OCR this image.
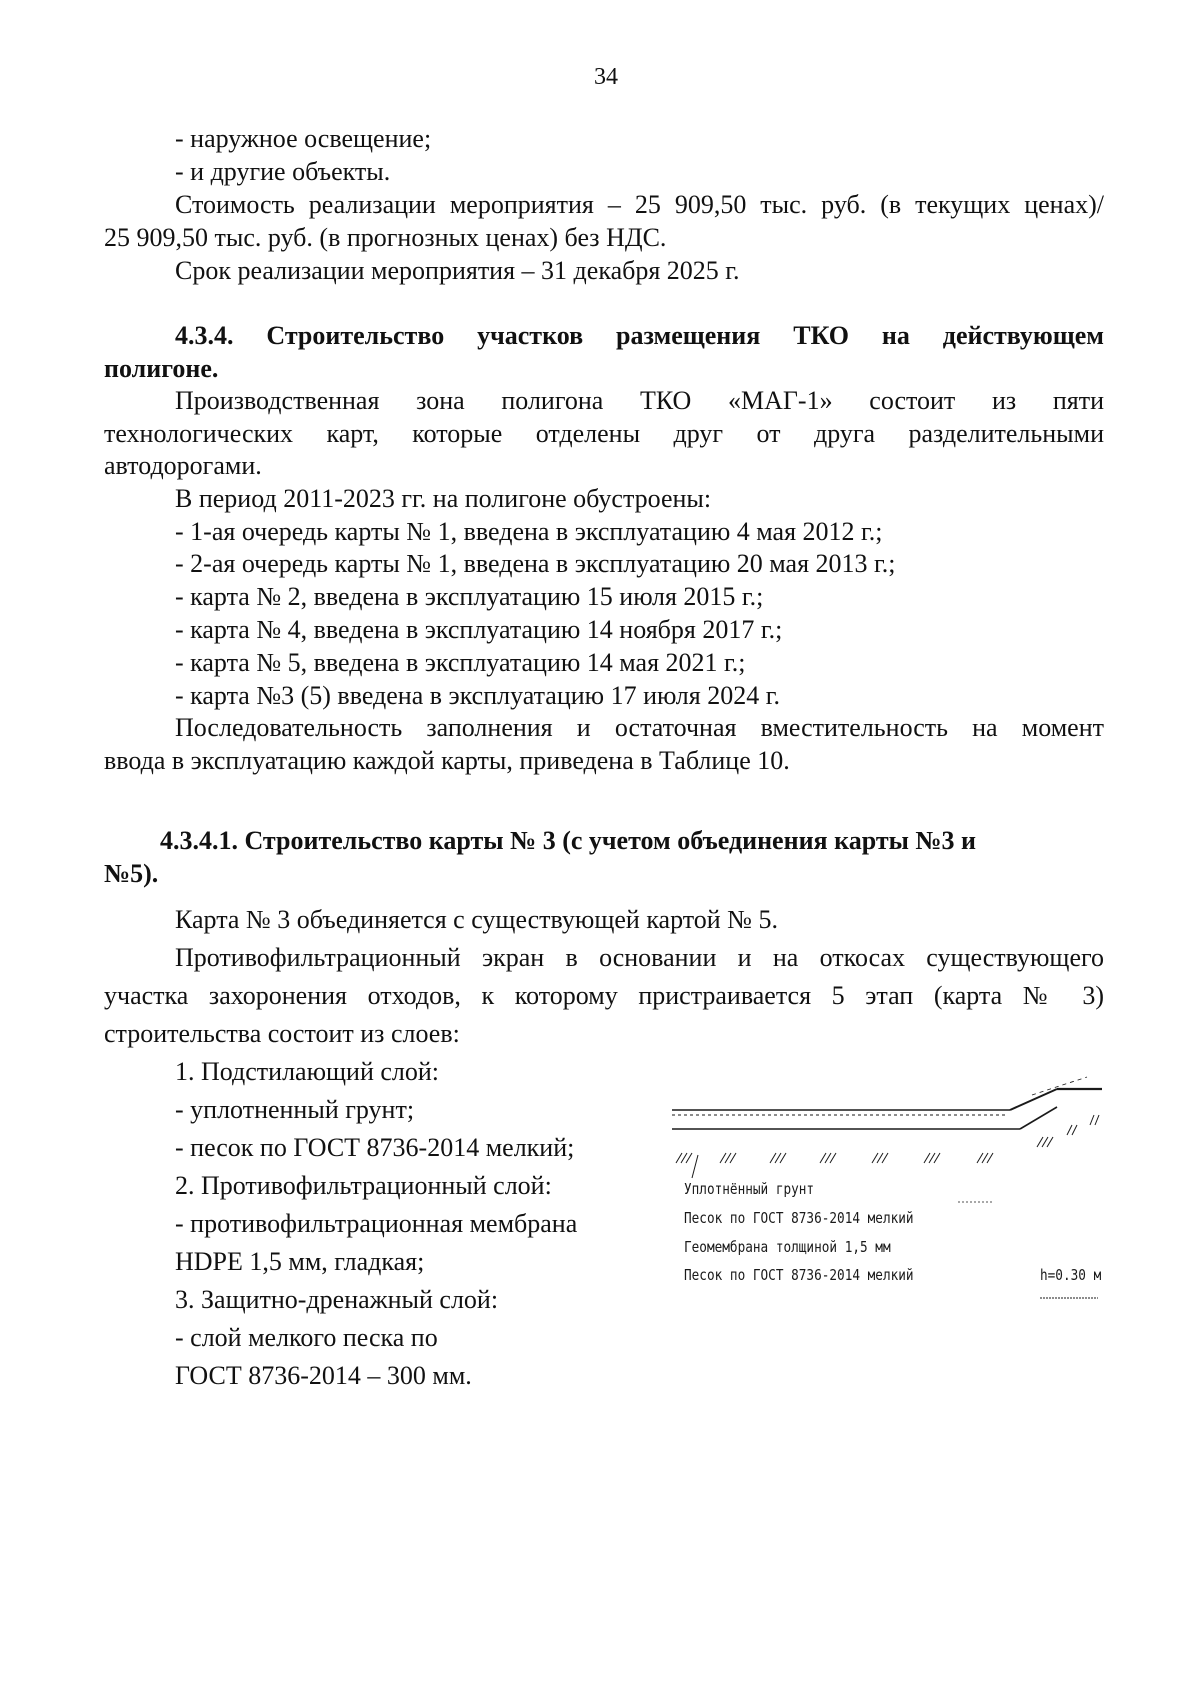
34
- наружное освещение;
- и другие объекты.
Стоимость реализации мероприятия – 25 909,50 тыс. руб. (в текущих ценах)/
25 909,50 тыс. руб. (в прогнозных ценах) без НДС.
Срок реализации мероприятия – 31 декабря 2025 г.
4.3.4. Строительство участков размещения ТКО на действующем
полигоне.
Производственная зона полигона ТКО «МАГ-1» состоит из пяти
технологических карт, которые отделены друг от друга разделительными
автодорогами.
В период 2011-2023 гг. на полигоне обустроены:
- 1-ая очередь карты № 1, введена в эксплуатацию 4 мая 2012 г.;
- 2-ая очередь карты № 1, введена в эксплуатацию 20 мая 2013 г.;
- карта № 2, введена в эксплуатацию 15 июля 2015 г.;
- карта № 4, введена в эксплуатацию 14 ноября 2017 г.;
- карта № 5, введена в эксплуатацию 14 мая 2021 г.;
- карта №3 (5) введена в эксплуатацию 17 июля 2024 г.
Последовательность заполнения и остаточная вместительность на момент
ввода в эксплуатацию каждой карты, приведена в Таблице 10.
4.3.4.1. Строительство карты № 3 (с учетом объединения карты №3 и
№5).
Карта № 3 объединяется с существующей картой № 5.
Противофильтрационный экран в основании и на откосах существующего
участка захоронения отходов, к которому пристраивается 5 этап (карта № 3)
строительства состоит из слоев:
1. Подстилающий слой:
- уплотненный грунт;
- песок по ГОСТ 8736-2014 мелкий;
2. Противофильтрационный слой:
- противофильтрационная мембрана
HDPE 1,5 мм, гладкая;
3. Защитно-дренажный слой:
- слой мелкого песка по
ГОСТ 8736-2014 – 300 мм.
Уплотнённый грунт
Песок по ГОСТ 8736-2014 мелкий
Геомембрана толщиной 1,5 мм
Песок по ГОСТ 8736-2014 мелкий	h=0.30 м
